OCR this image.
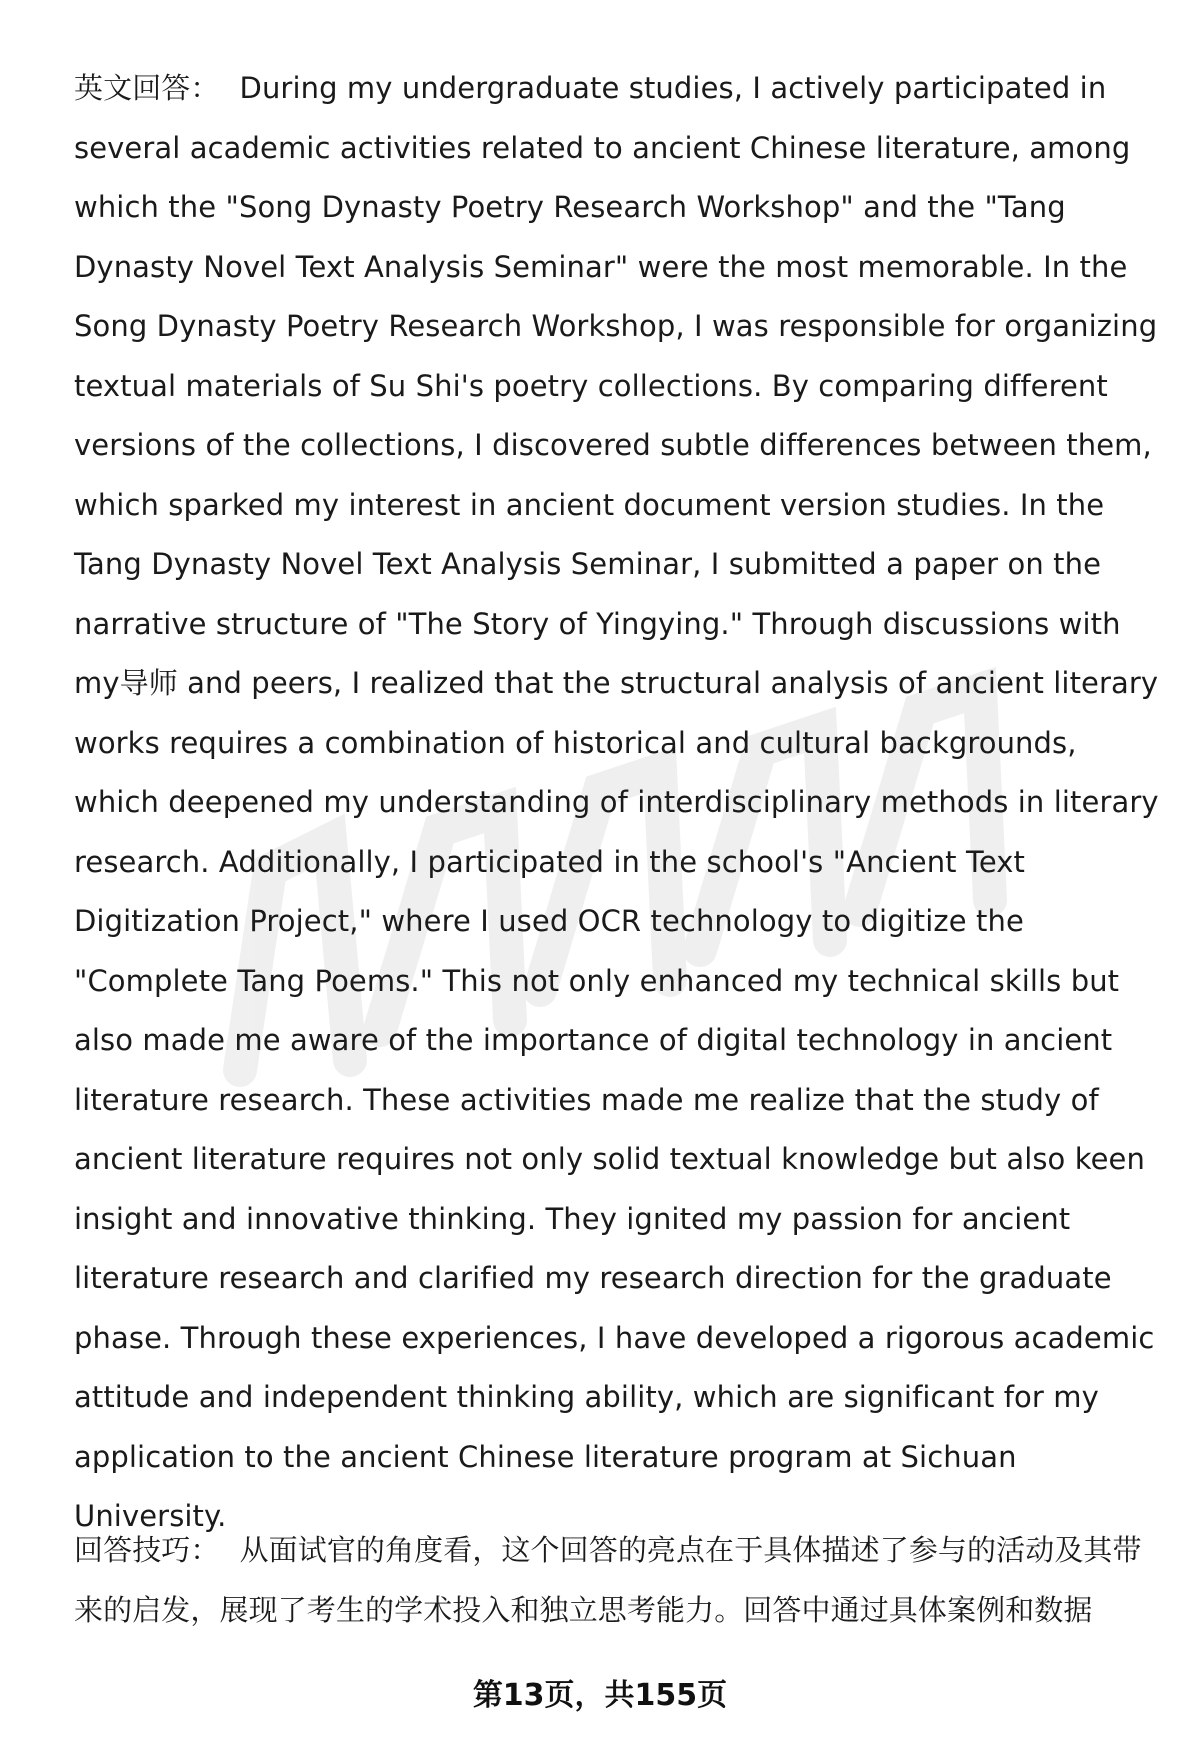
英文回答： During my undergraduate studies, I actively participated in several academic activities related to ancient Chinese literature, among which the "Song Dynasty Poetry Research Workshop" and the "Tang Dynasty Novel Text Analysis Seminar" were the most memorable. In the Song Dynasty Poetry Research Workshop, I was responsible for organizing textual materials of Su Shi's poetry collections. By comparing different versions of the collections, I discovered subtle differences between them, which sparked my interest in ancient document version studies. In the Tang Dynasty Novel Text Analysis Seminar, I submitted a paper on the narrative structure of "The Story of Yingying." Through discussions with my导师 and peers, I realized that the structural analysis of ancient literary works requires a combination of historical and cultural backgrounds, which deepened my understanding of interdisciplinary methods in literary research. Additionally, I participated in the school's "Ancient Text Digitization Project," where I used OCR technology to digitize the "Complete Tang Poems." This not only enhanced my technical skills but also made me aware of the importance of digital technology in ancient literature research. These activities made me realize that the study of ancient literature requires not only solid textual knowledge but also keen insight and innovative thinking. They ignited my passion for ancient literature research and clarified my research direction for the graduate phase. Through these experiences, I have developed a rigorous academic attitude and independent thinking ability, which are significant for my application to the ancient Chinese literature program at Sichuan University.
回答技巧： 从面试官的角度看，这个回答的亮点在于具体描述了参与的活动及其带来的启发，展现了考生的学术投入和独立思考能力。回答中通过具体案例和数据
第13页，共155页
